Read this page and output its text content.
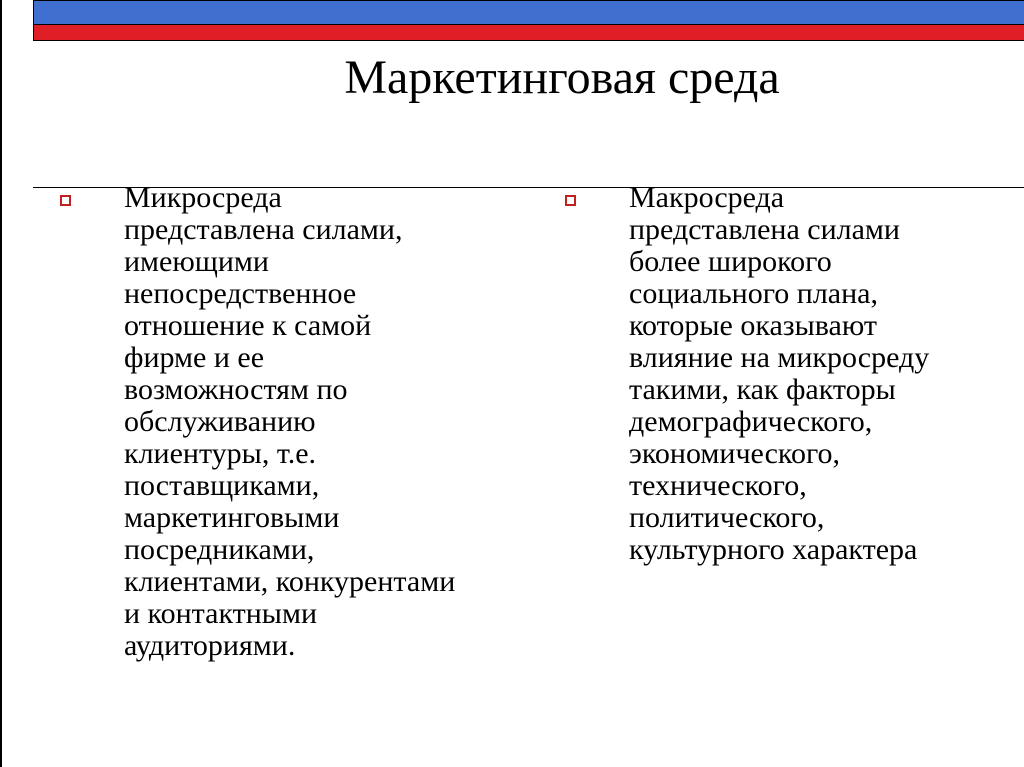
Маркетинговая среда
Микросреда
представлена силами,
имеющими
непосредственное
отношение к самой
фирме и ее
возможностям по
обслуживанию
клиентуры, т.е.
поставщиками,
маркетинговыми
посредниками,
клиентами, конкурентами
и контактными
аудиториями.
Макросреда
представлена силами
более широкого
социального плана,
которые оказывают
влияние на микросреду
такими, как факторы
демографического,
экономического,
технического,
политического,
культурного характера
